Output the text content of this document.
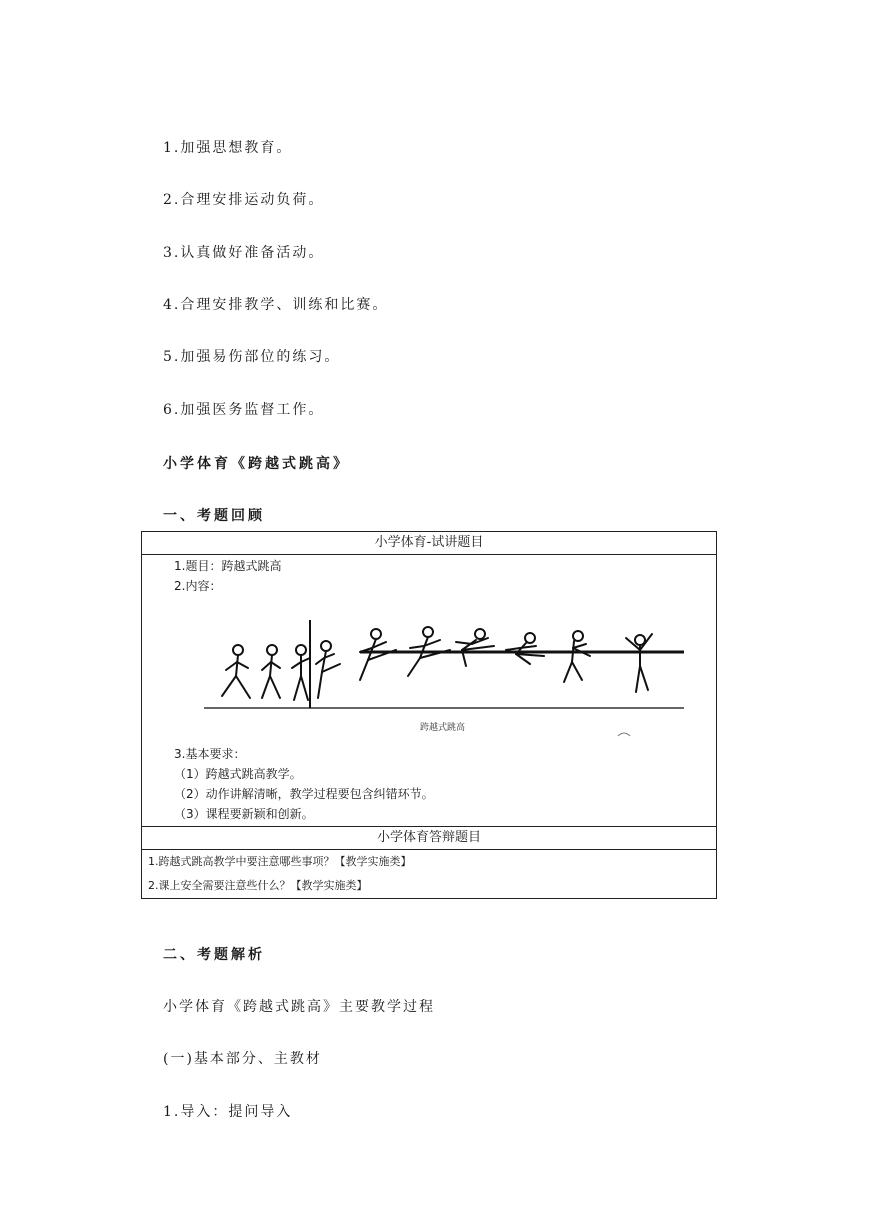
1.加强思想教育。
2.合理安排运动负荷。
3.认真做好准备活动。
4.合理安排教学、训练和比赛。
5.加强易伤部位的练习。
6.加强医务监督工作。
小学体育《跨越式跳高》
一、考题回顾
小学体育-试讲题目
1.题目：跨越式跳高
2.内容：
跨越式跳高
3.基本要求：
（1）跨越式跳高教学。
（2）动作讲解清晰，教学过程要包含纠错环节。
（3）课程要新颖和创新。
小学体育答辩题目
1.跨越式跳高教学中要注意哪些事项？【教学实施类】
2.课上安全需要注意些什么？【教学实施类】
二、考题解析
小学体育《跨越式跳高》主要教学过程
(一)基本部分、主教材
1.导入：提问导入
